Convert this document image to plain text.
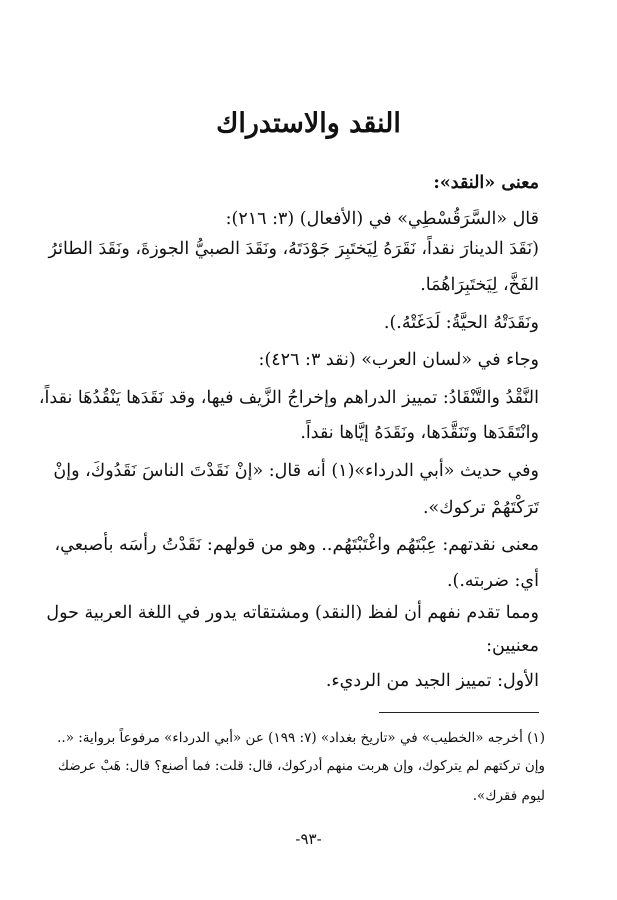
النقد والاستدراك
معنى «النقد»:
قال «السَّرَقُسْطِي» في (الأفعال) (٣: ٢١٦):
(نَقَدَ الدينارَ نقداً، نَقَرَهُ لِيَختَبِرَ جَوْدَتَهُ، ونَقَدَ الصبيُّ الجوزةَ، ونَقَدَ الطائرُ
الفَخَّ، لِيَختَبِرَاهُمَا.
ونَقَدَتْهُ الحيَّةُ: لَدَغَتْهُ.).
وجاء في «لسان العرب» (نقد ٣: ٤٢٦):
النَّقْدُ والتَّنْقَادُ: تمييز الدراهم وإخراجُ الزَّيف فيها، وقد نَقَدَها يَنْقُدُهَا نقداً،
وانْتَقَدَها وتَنَقَّدَها، ونَقَدَهُ إيَّاها نقداً.
وفي حديث «أبي الدرداء»(١) أنه قال: «إنْ نَقَدْتَ الناسَ نَقَدُوكَ، وإنْ
تَرَكْتَهُمْ تركوك».
معنى نقدتهم: عِبْتَهُم واغْتَبْتَهُم.. وهو من قولهم: نَقَدْتُ رأسَه بأصبعي،
أي: ضربته.).
ومما تقدم نفهم أن لفظ (النقد) ومشتقاته يدور في اللغة العربية حول
معنيين:
الأول: تمييز الجيد من الرديء.
(١) أخرجه «الخطيب» في «تاريخ بغداد» (٧: ١٩٩) عن «أبي الدرداء» مرفوعاً برواية: «..
وإن تركتهم لم يتركوك، وإن هربت منهم أدركوك، قال: قلت: فما أصنع؟ قال: هَبْ عرضك
ليوم فقرك».
-٩٣-
